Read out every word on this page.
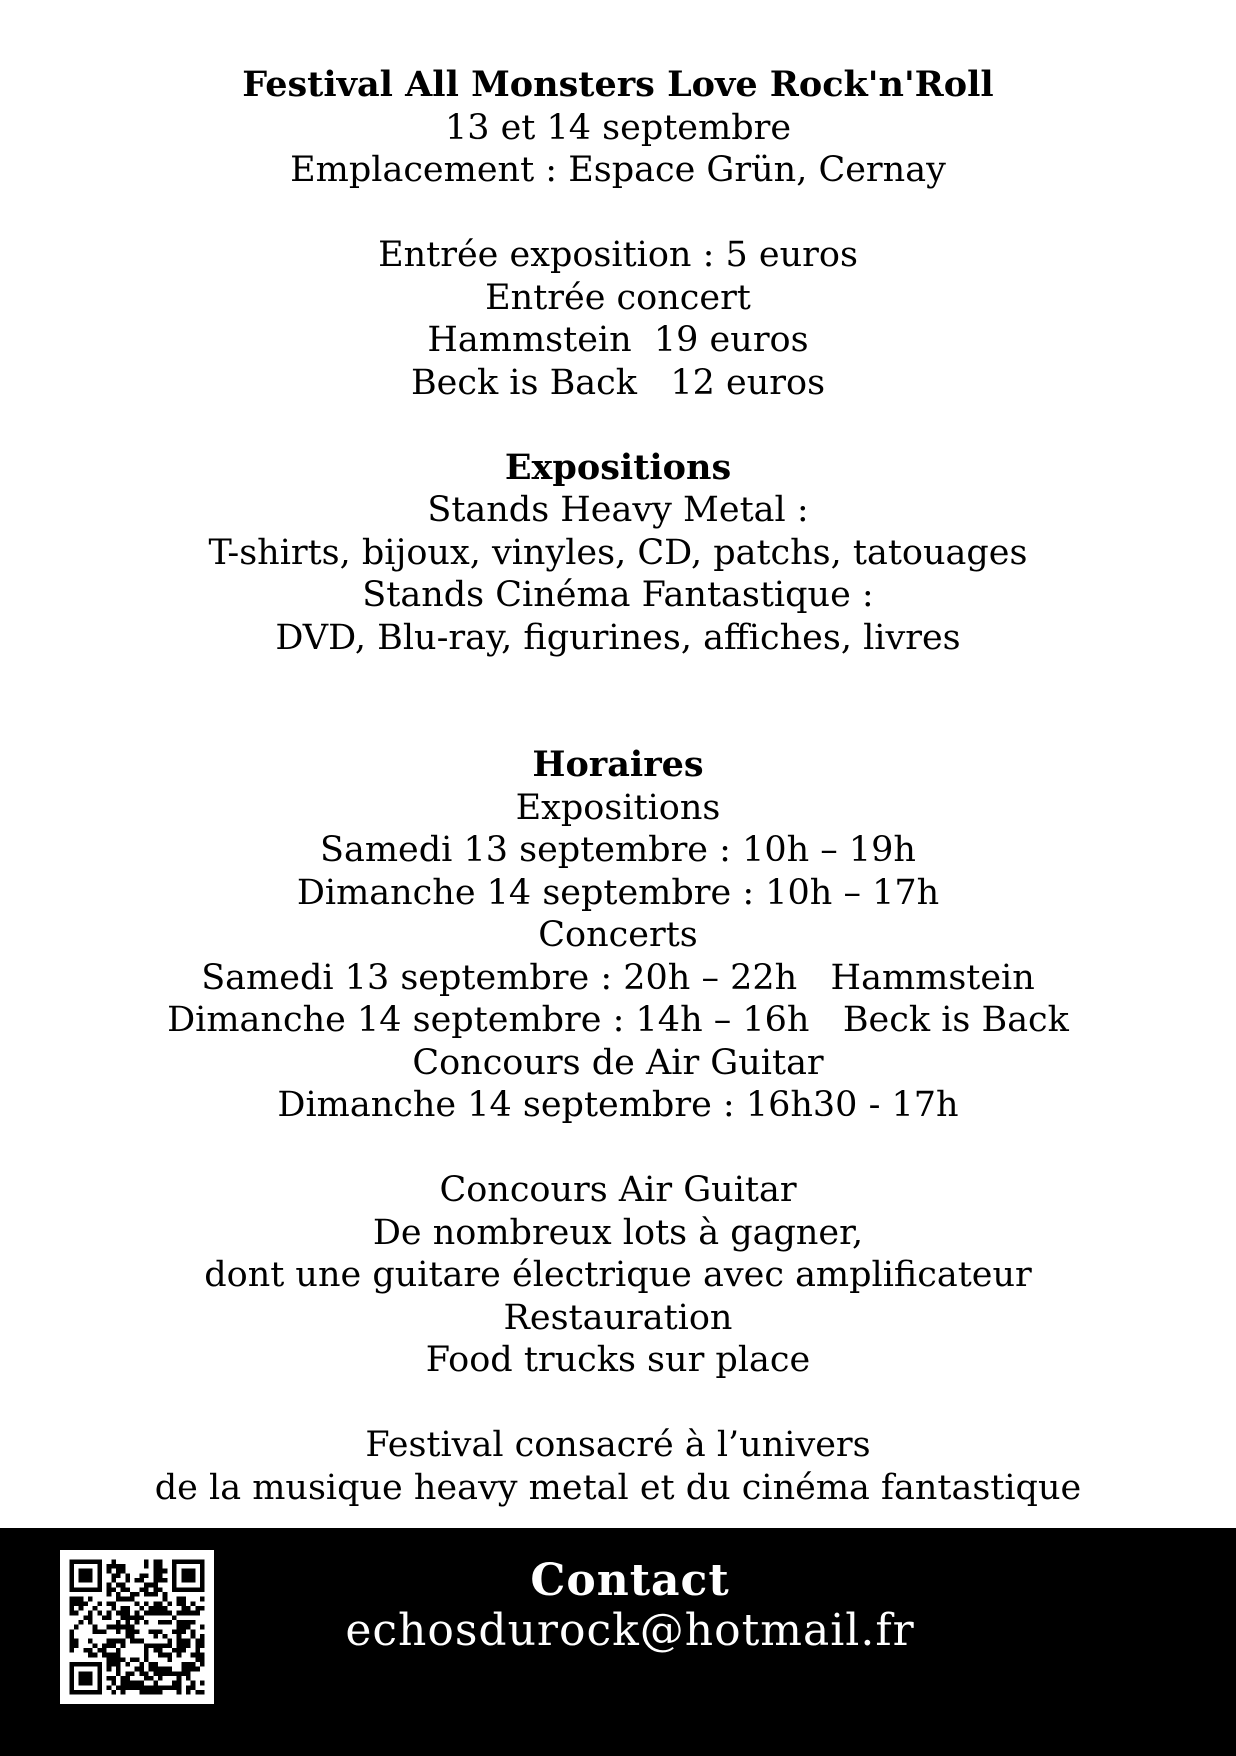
Festival All Monsters Love Rock'n'Roll
13 et 14 septembre
Emplacement : Espace Grün, Cernay
Entrée exposition : 5 euros
Entrée concert
Hammstein  19 euros
Beck is Back   12 euros
Expositions
Stands Heavy Metal :
T-shirts, bijoux, vinyles, CD, patchs, tatouages
Stands Cinéma Fantastique :
DVD, Blu-ray, figurines, affiches, livres
Horaires
Expositions
Samedi 13 septembre : 10h – 19h
Dimanche 14 septembre : 10h – 17h
Concerts
Samedi 13 septembre : 20h – 22h   Hammstein
Dimanche 14 septembre : 14h – 16h   Beck is Back
Concours de Air Guitar
Dimanche 14 septembre : 16h30 - 17h
Concours Air Guitar
De nombreux lots à gagner,
dont une guitare électrique avec amplificateur
Restauration
Food trucks sur place
Festival consacré à l’univers
de la musique heavy metal et du cinéma fantastique
Contact
echosdurock@hotmail.fr
